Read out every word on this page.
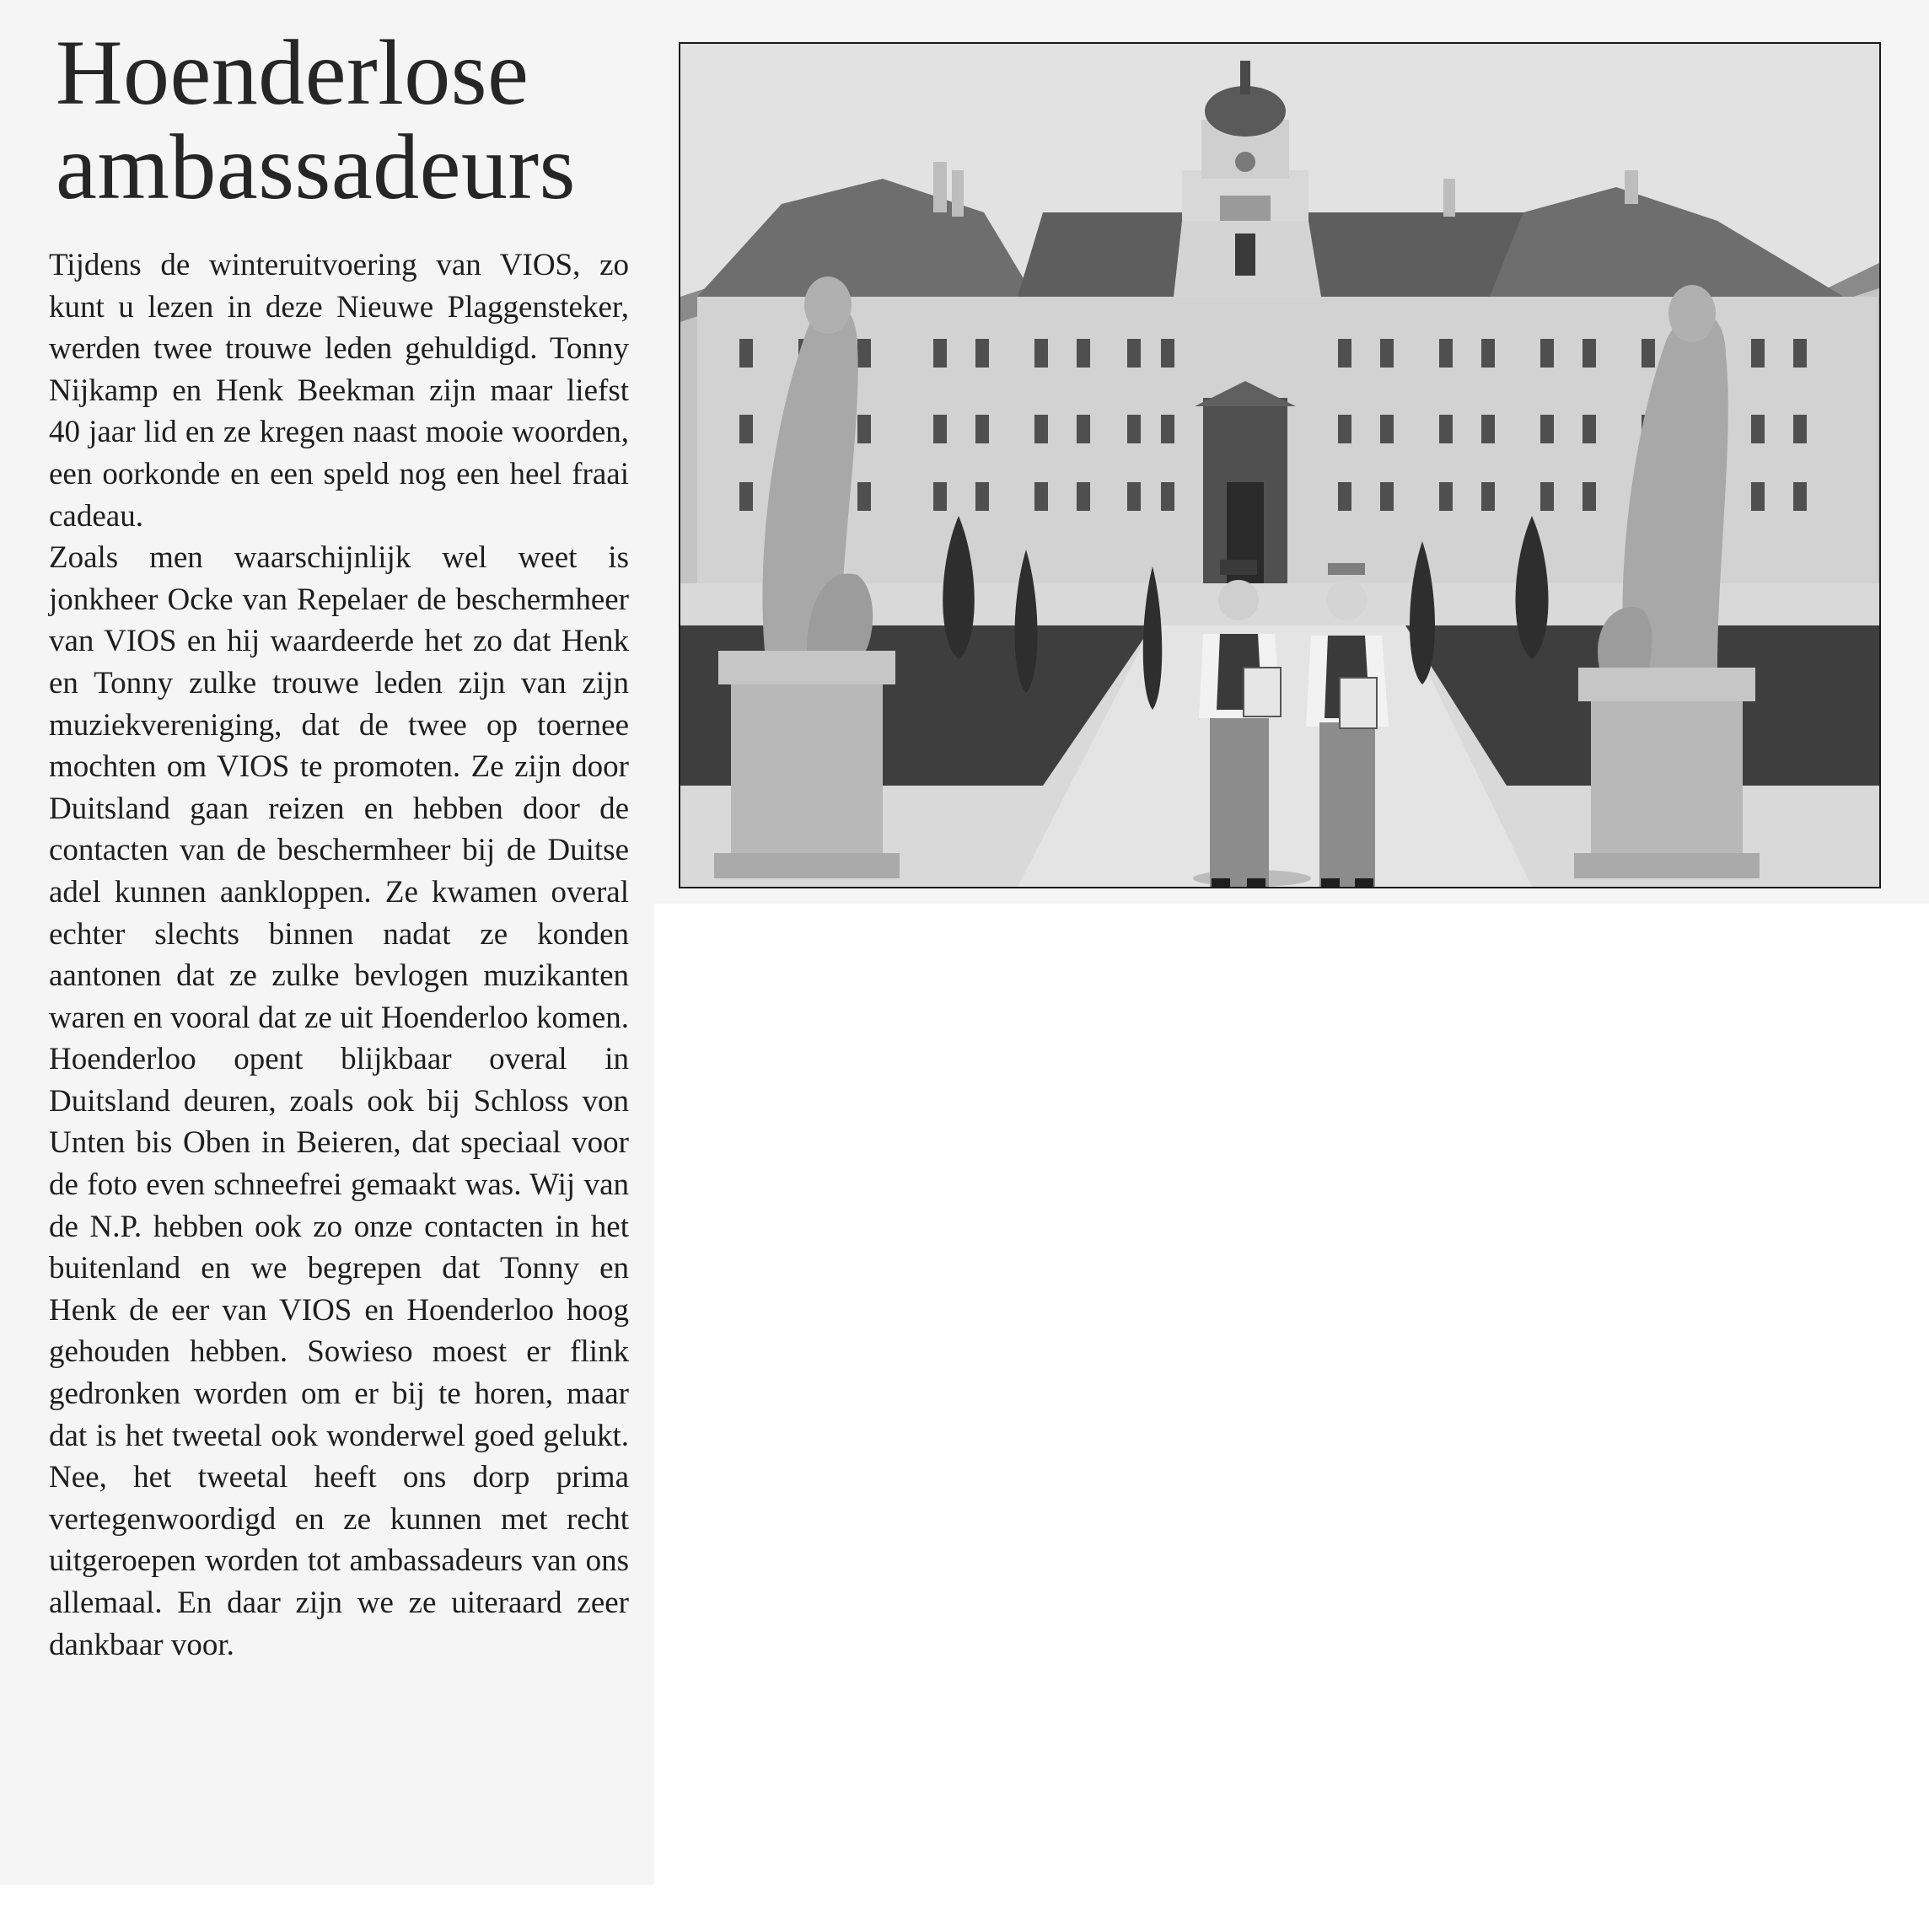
Hoenderlose
ambassadeurs

Tijdens de winteruitvoering van VIOS, zo kunt u lezen in deze Nieuwe Plaggensteker, werden twee trouwe leden gehuldigd. Tonny Nijkamp en Henk Beekman zijn maar liefst 40 jaar lid en ze kregen naast mooie woorden, een oorkonde en een speld nog een heel fraai cadeau.

Zoals men waarschijnlijk wel weet is jonkheer Ocke van Repelaer de beschermheer van VIOS en hij waardeerde het zo dat Henk en Tonny zulke trouwe leden zijn van zijn muziekvereniging, dat de twee op toernee mochten om VIOS te promoten. Ze zijn door Duitsland gaan reizen en hebben door de contacten van de beschermheer bij de Duitse adel kunnen aankloppen. Ze kwamen overal echter slechts binnen nadat ze konden aantonen dat ze zulke bevlogen muzikanten waren en vooral dat ze uit Hoenderloo komen. Hoenderloo opent blijkbaar overal in Duitsland deuren, zoals ook bij Schloss von Unten bis Oben in Beieren, dat speciaal voor de foto even schneefrei gemaakt was. Wij van de N.P. hebben ook zo onze contacten in het buitenland en we begrepen dat Tonny en Henk de eer van VIOS en Hoenderloo hoog gehouden hebben. Sowieso moest er flink gedronken worden om er bij te horen, maar dat is het tweetal ook wonderwel goed gelukt. Nee, het tweetal heeft ons dorp prima vertegenwoordigd en ze kunnen met recht uitgeroepen worden tot ambassadeurs van ons allemaal. En daar zijn we ze uiteraard zeer dankbaar voor.
